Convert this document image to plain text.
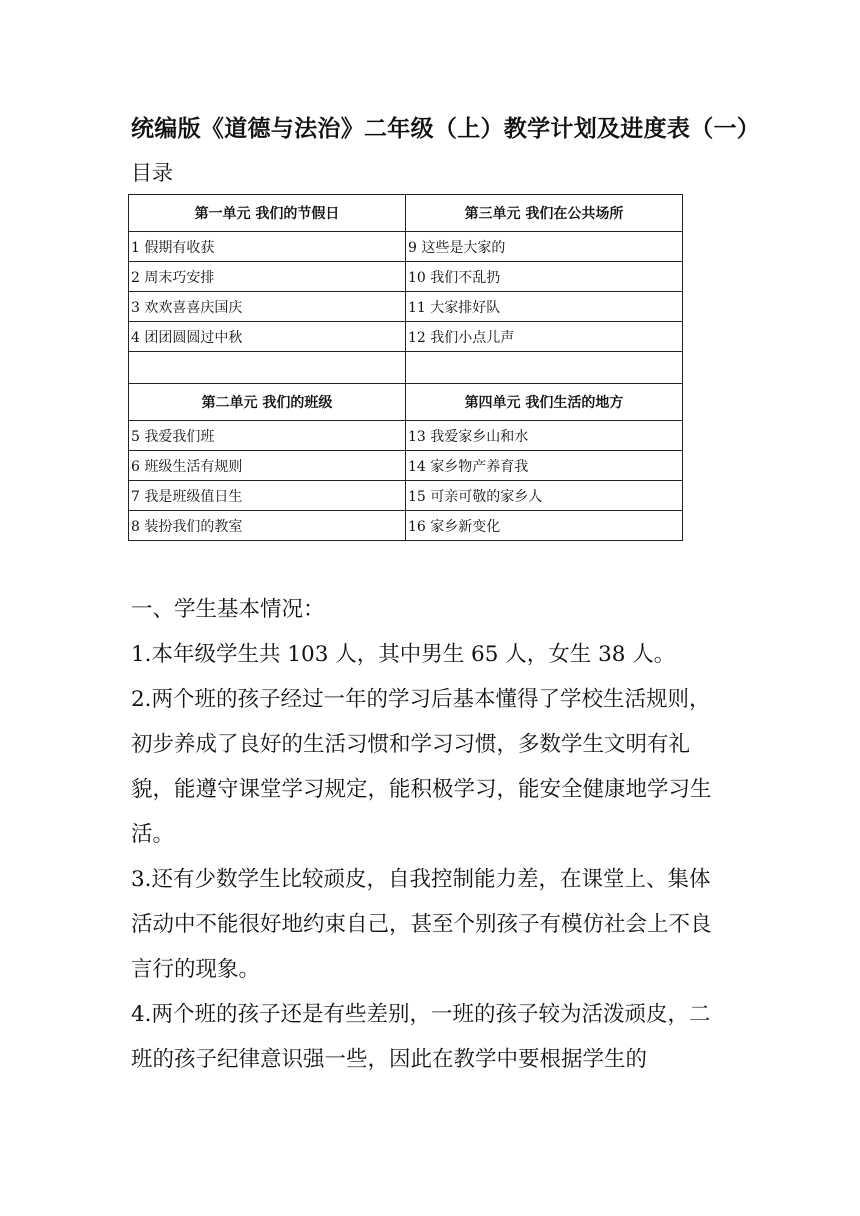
统编版《道德与法治》二年级（上）教学计划及进度表（一）
目录
第一单元 我们的节假日	第三单元 我们在公共场所
1 假期有收获	9 这些是大家的
2 周末巧安排	10 我们不乱扔
3 欢欢喜喜庆国庆	11 大家排好队
4 团团圆圆过中秋	12 我们小点儿声

第二单元 我们的班级	第四单元 我们生活的地方
5 我爱我们班	13 我爱家乡山和水
6 班级生活有规则	14 家乡物产养育我
7 我是班级值日生	15 可亲可敬的家乡人
8 装扮我们的教室	16 家乡新变化

一、学生基本情况：

1.本年级学生共 103 人，其中男生 65 人，女生 38 人。

2.两个班的孩子经过一年的学习后基本懂得了学校生活规则，初步养成了良好的生活习惯和学习习惯，多数学生文明有礼貌，能遵守课堂学习规定，能积极学习，能安全健康地学习生活。

3.还有少数学生比较顽皮，自我控制能力差，在课堂上、集体活动中不能很好地约束自己，甚至个别孩子有模仿社会上不良言行的现象。

4.两个班的孩子还是有些差别，一班的孩子较为活泼顽皮，二班的孩子纪律意识强一些，因此在教学中要根据学生的
